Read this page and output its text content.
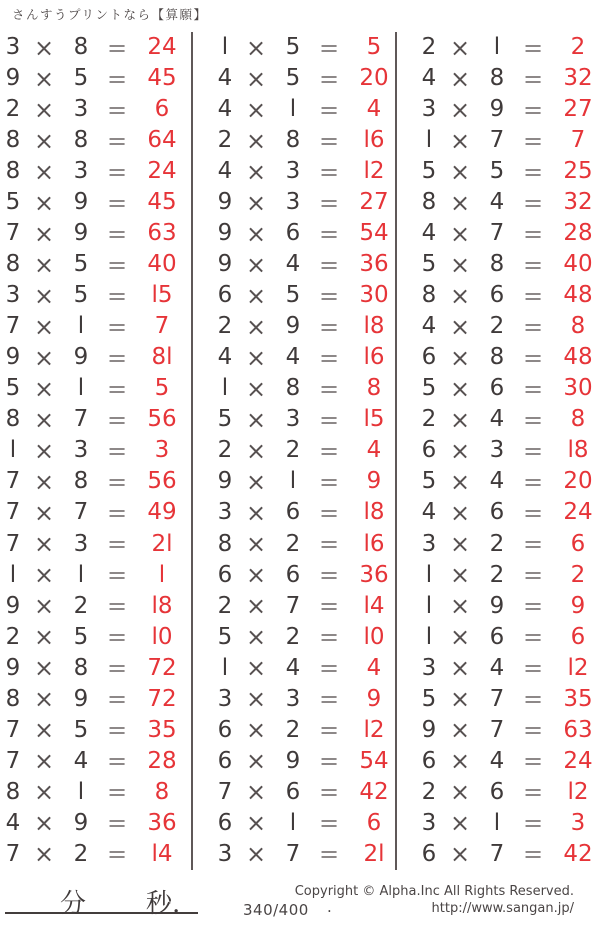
さんすうプリントなら【算願】
3 × 8 = 24
9 × 5 = 45
2 × 3 =	6
8 × 8 = 64
8 × 3 = 24
5 × 9 = 45
7 × 9 = 63
8 × 5 = 40
3 × 5 =	l5
7 ×	l =	7
9 × 9 =	8l
5 ×	l =	5
8 × 7 = 56
l × 3 =	3
7 × 8 = 56
7 × 7 = 49
7 × 3 =	2l
l ×	l =	l
9 × 2 =	l8
2 × 5 =	l0
9 × 8 = 72
8 × 9 = 72
7 × 5 = 35
7 × 4 = 28
8 ×	l =	8
4 × 9 = 36
7 × 2 =	l4
l × 5 =	5
4 × 5 = 20
4 ×	l =	4
2 × 8 =	l6
4 × 3 =	l2
9 × 3 = 27
9 × 6 = 54
9 × 4 = 36
6 × 5 = 30
2 × 9 =	l8
4 × 4 =	l6
l × 8 =	8
5 × 3 =	l5
2 × 2 =	4
9 ×	l =	9
3 × 6 =	l8
8 × 2 =	l6
6 × 6 = 36
2 × 7 =	l4
5 × 2 =	l0
l × 4 =	4
3 × 3 =	9
6 × 2 =	l2
6 × 9 = 54
7 × 6 = 42
6 ×	l =	6
3 × 7 =	2l
2 ×	l =	2
4 × 8 = 32
3 × 9 = 27
l × 7 =	7
5 × 5 = 25
8 × 4 = 32
4 × 7 = 28
5 × 8 = 40
8 × 6 = 48
4 × 2 =	8
6 × 8 = 48
5 × 6 = 30
2 × 4 =	8
6 × 3 =	l8
5 × 4 = 20
4 × 6 = 24
3 × 2 =	6
l × 2 =	2
l × 9 =	9
l × 6 =	6
3 × 4 =	l2
5 × 7 = 35
9 × 7 = 63
6 × 4 = 24
2 × 6 =	l2
3 ×	l =	3
6 × 7 = 42
分 秒.	340/400 .
Copyright © Alpha.Inc All Rights Reserved.
http://www.sangan.jp/
